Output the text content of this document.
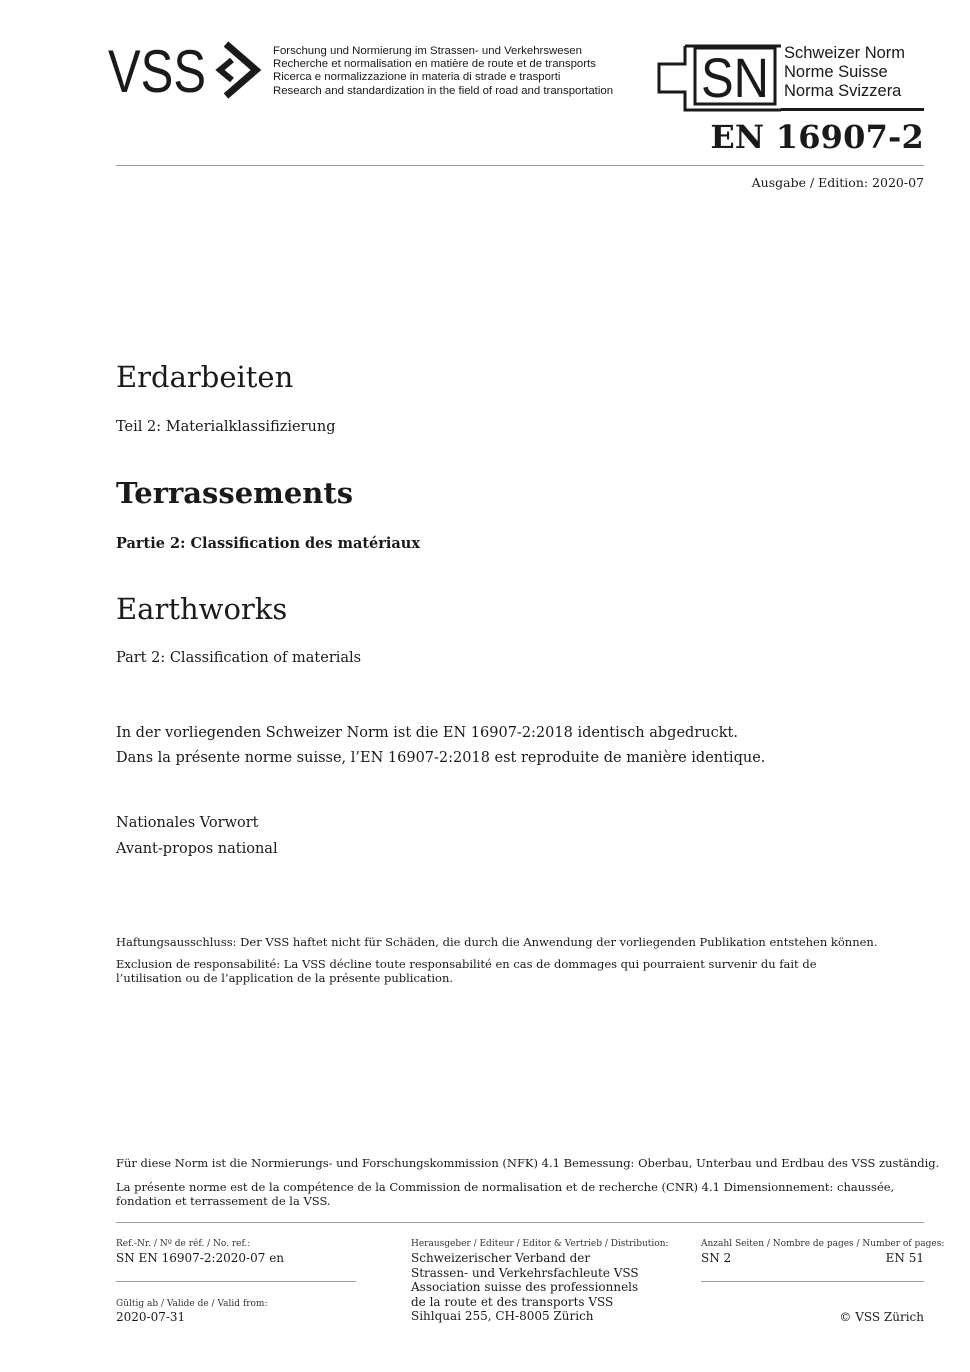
VSS	Forschung und Normierung im Strassen- und Verkehrswesen
Recherche et normalisation en matière de route et de transports
Ricerca e normalizzazione in materia di strade e trasporti
Research and standardization in the field of road and transportation SN Schweizer Norm
Norme Suisse
Norma Svizzera
EN 16907-2
Ausgabe / Edition: 2020-07
Erdarbeiten
Teil 2: Materialklassifizierung
Terrassements
Partie 2: Classification des matériaux
Earthworks
Part 2: Classification of materials
In der vorliegenden Schweizer Norm ist die EN 16907-2:2018 identisch abgedruckt.
Dans la présente norme suisse, l’EN 16907-2:2018 est reproduite de manière identique.
Nationales Vorwort
Avant-propos national
Haftungsausschluss: Der VSS haftet nicht für Schäden, die durch die Anwendung der vorliegenden Publikation entstehen können.
Exclusion de responsabilité: La VSS décline toute responsabilité en cas de dommages qui pourraient survenir du fait de l’utilisation ou de l’application de la présente publication.
Für diese Norm ist die Normierungs- und Forschungskommission (NFK) 4.1 Bemessung: Oberbau, Unterbau und Erdbau des VSS zuständig.
La présente norme est de la compétence de la Commission de normalisation et de recherche (CNR) 4.1 Dimensionnement: chaussée, fondation et terrassement de la VSS.
Ref.-Nr. / Nº de réf. / No. ref.:
SN EN 16907-2:2020-07 en
Gültig ab / Valide de / Valid from:
2020-07-31
Herausgeber / Editeur / Editor & Vertrieb / Distribution:
Schweizerischer Verband der
Strassen- und Verkehrsfachleute VSS
Association suisse des professionnels
de la route et des transports VSS
Sihlquai 255, CH-8005 Zürich
Anzahl Seiten / Nombre de pages / Number of pages:
SN 2	EN 51
© VSS Zürich
